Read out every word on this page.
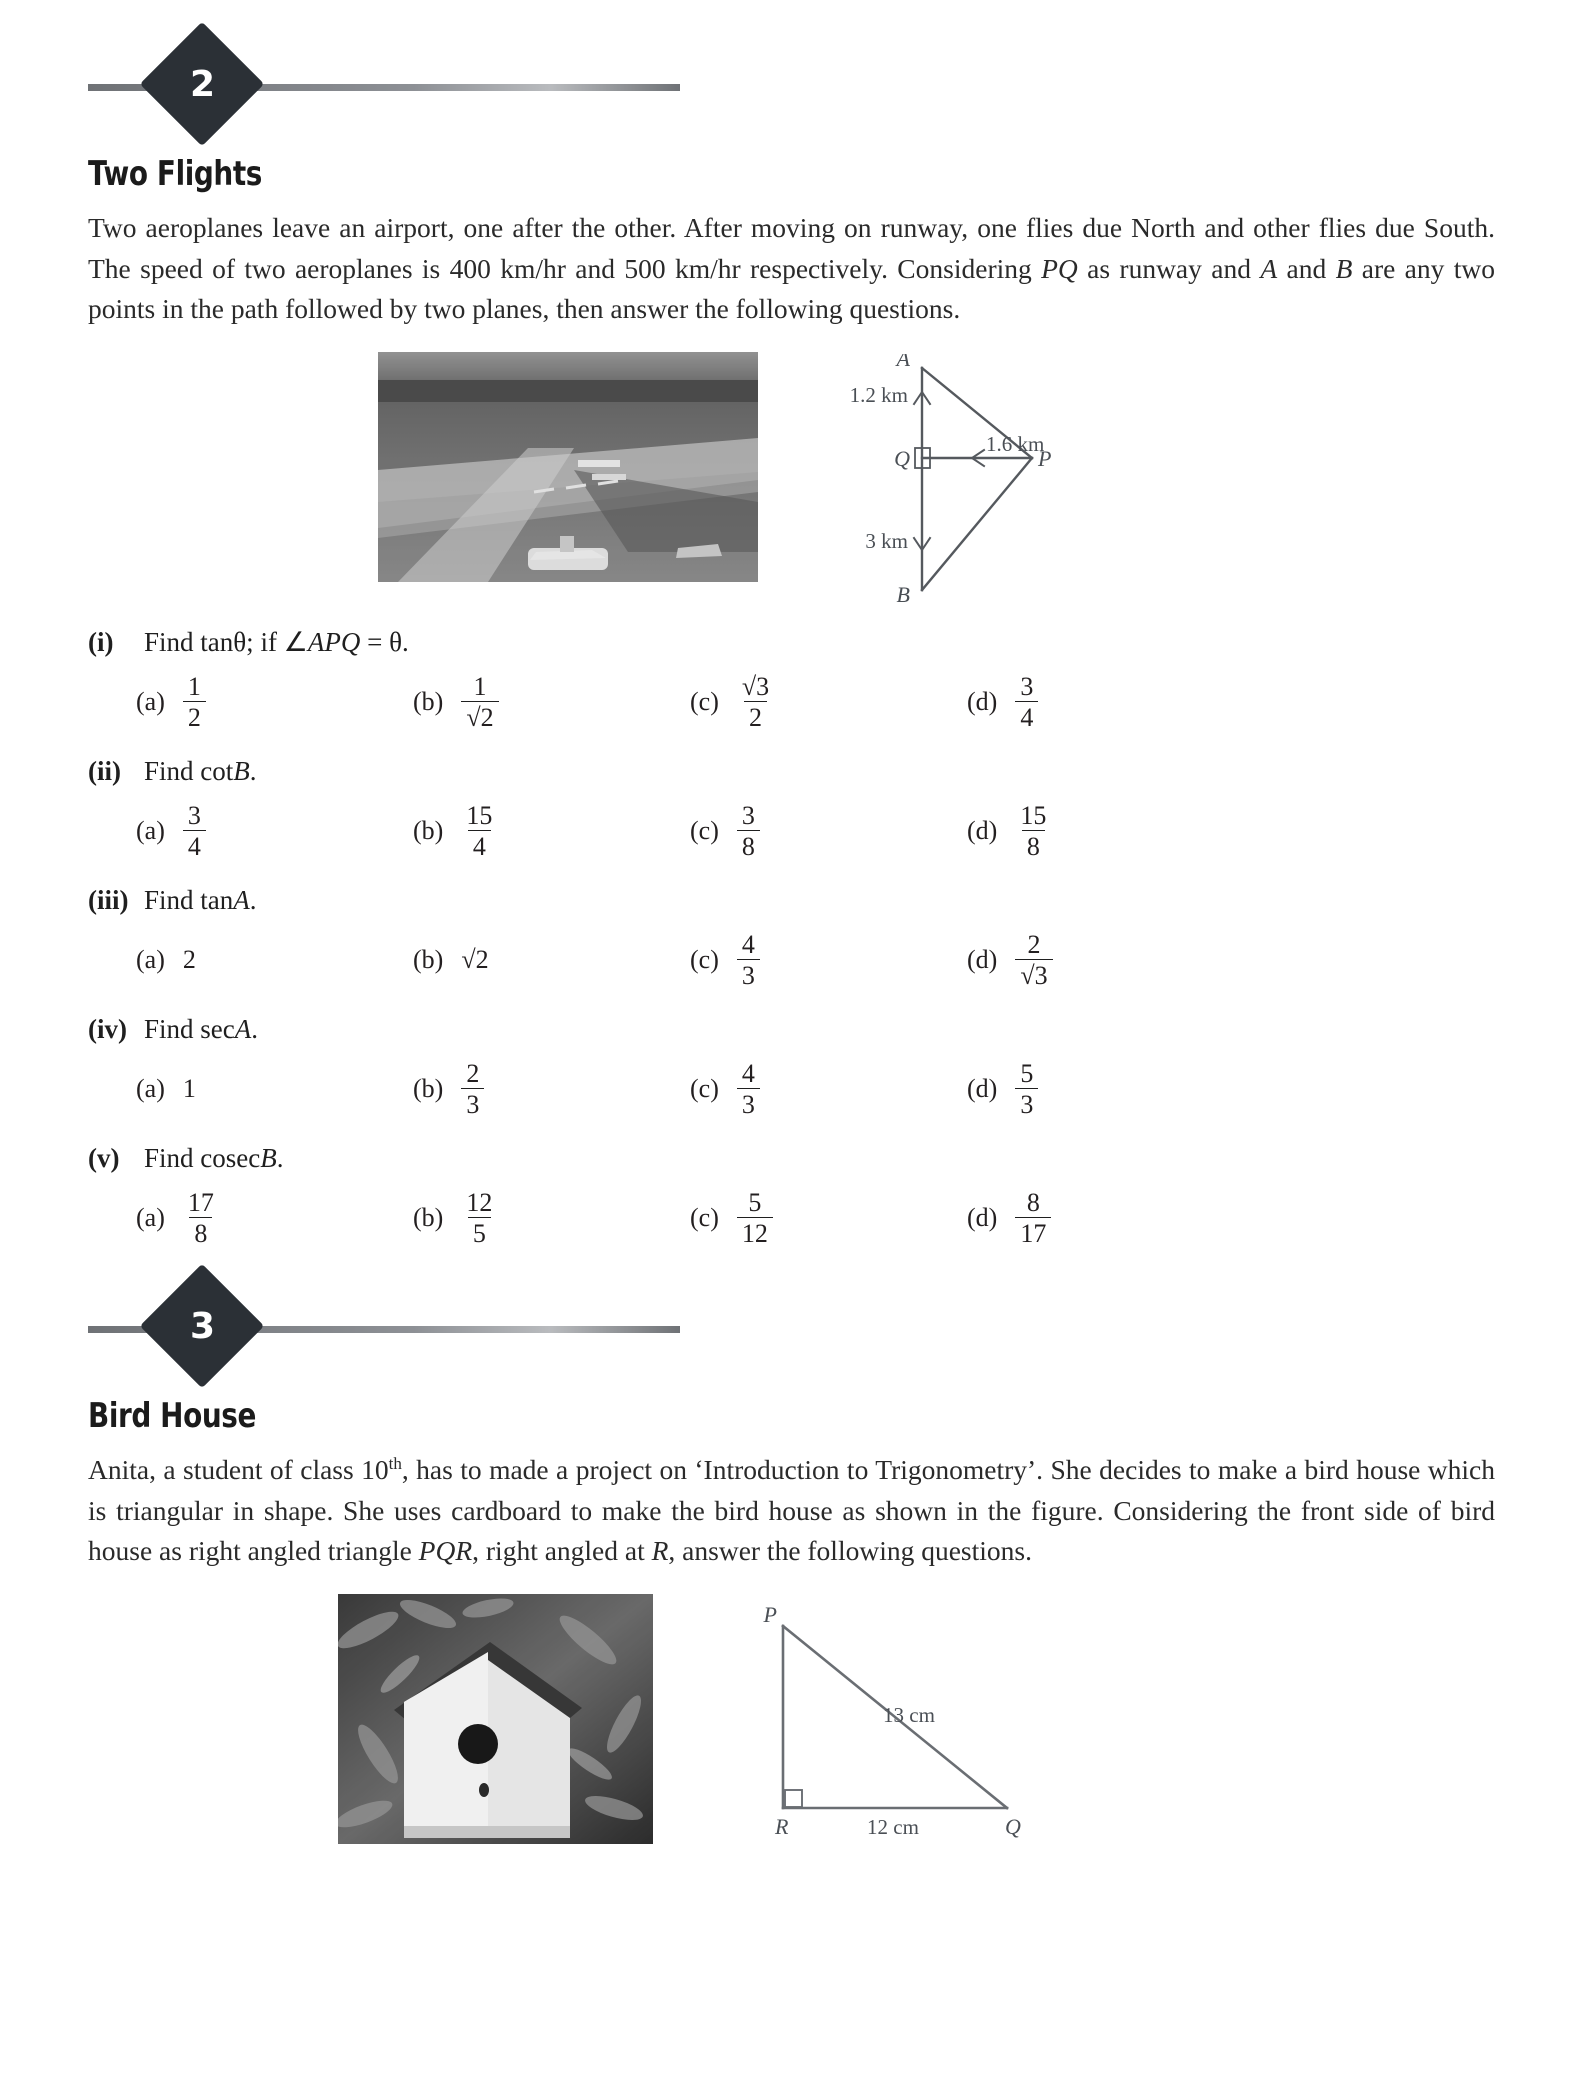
2
Two Flights

Two aeroplanes leave an airport, one after the other. After moving on runway, one flies due North and other flies due South. The speed of two aeroplanes is 400 km/hr and 500 km/hr respectively. Considering PQ as runway and A and B are any two points in the path followed by two planes, then answer the following questions.

A
Q	P
B
1.2 km
1.6 km
3 km
(i) Find tanθ; if ∠APQ = θ.
$(a) \frac{1}{2}$	$(b) \frac{1}{√2}$	$(c) \frac{√3}{2}$	$(d) \frac{3}{4}$
(ii) Find cotB.
$(a) \frac{3}{4}$	$(b) \frac{15}{4}$	$(c) \frac{3}{8}$	$(d) \frac{15}{8}$
(iii) Find tanA.
(a) 2	(b) √2	$(c) \frac{4}{3}$	$(d) \frac{2}{√3}$
(iv) Find secA.
(a) 1	$(b) \frac{2}{3}$	$(c) \frac{4}{3}$	$(d) \frac{5}{3}$
(v) Find cosecB.
$(a) \frac{17}{8}$	$(b) \frac{12}{5}$	$(c) \frac{5}{12}$	$(d) \frac{8}{17}$
3
Bird House

Anita, a student of class 10th, has to made a project on ‘Introduction to Trigonometry’. She decides to make a bird house which is triangular in shape. She uses cardboard to make the bird house as shown in the figure. Considering the front side of bird house as right angled triangle PQR, right angled at R, answer the following questions.

P
R	Q
13 cm
12 cm
